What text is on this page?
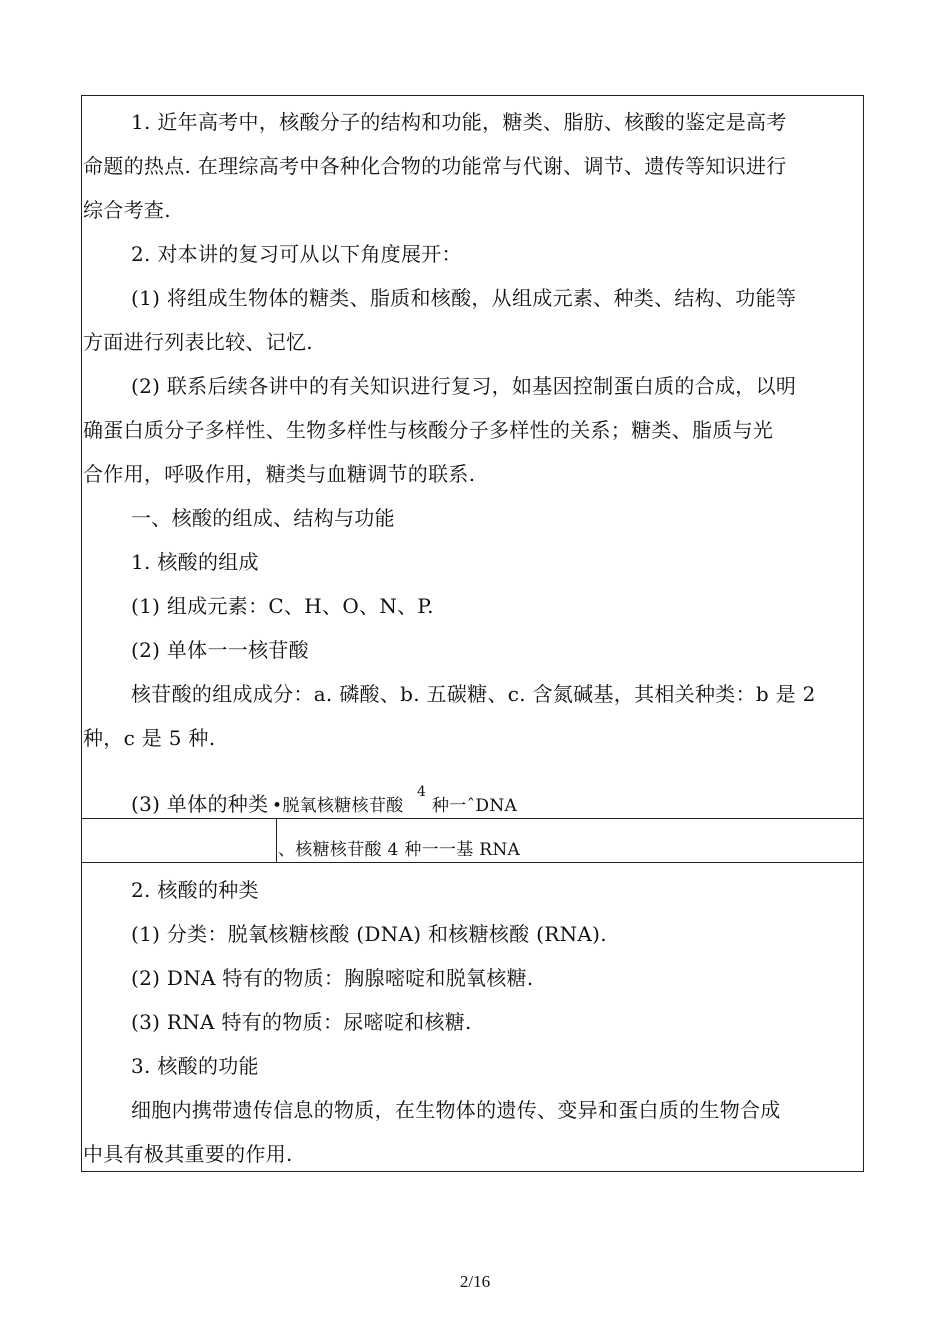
1. 近年高考中，核酸分子的结构和功能，糖类、脂肪、核酸的鉴定是高考
命题的热点. 在理综高考中各种化合物的功能常与代谢、调节、遗传等知识进行
综合考查.
2. 对本讲的复习可从以下角度展开：
(1) 将组成生物体的糖类、脂质和核酸，从组成元素、种类、结构、功能等
方面进行列表比较、记忆.
(2) 联系后续各讲中的有关知识进行复习，如基因控制蛋白质的合成，以明
确蛋白质分子多样性、生物多样性与核酸分子多样性的关系；糖类、脂质与光
合作用，呼吸作用，糖类与血糖调节的联系.
一、核酸的组成、结构与功能
1. 核酸的组成
(1) 组成元素：C、H、O、N、P.
(2) 单体一一核苷酸
核苷酸的组成成分：a. 磷酸、b. 五碳糖、c. 含氮碱基，其相关种类：b 是 2
种，c 是 5 种.
(3) 单体的种类 •脱氧核糖核苷酸
4
种一ˆDNA
、核糖核苷酸 4 种一一基 RNA
2. 核酸的种类
(1) 分类：脱氧核糖核酸 (DNA) 和核糖核酸 (RNA).
(2) DNA 特有的物质：胸腺嘧啶和脱氧核糖.
(3) RNA 特有的物质：尿嘧啶和核糖.
3. 核酸的功能
细胞内携带遗传信息的物质，在生物体的遗传、变异和蛋白质的生物合成
中具有极其重要的作用.
2/16
